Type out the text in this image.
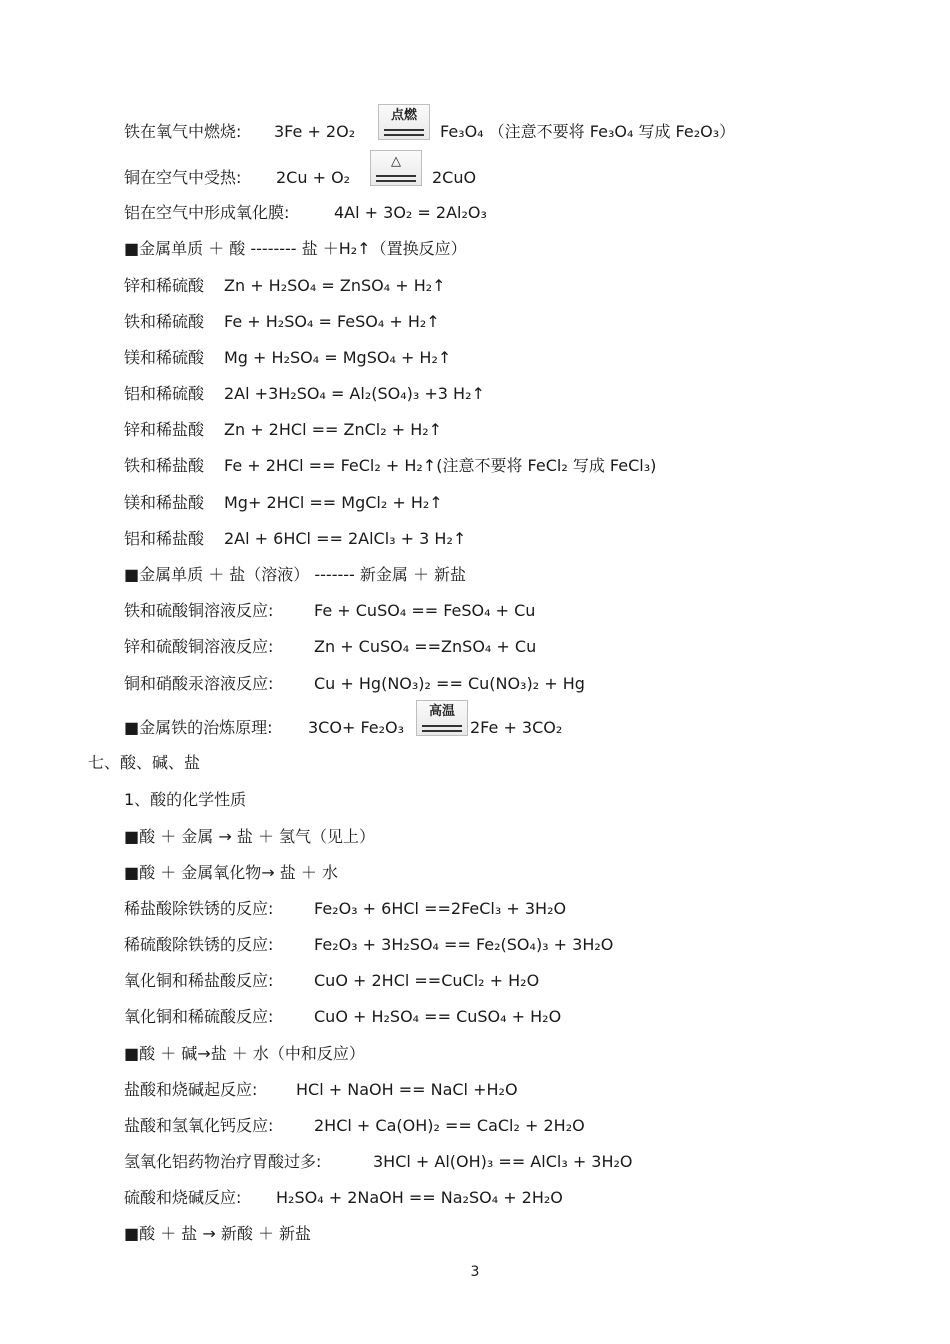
铁在氧气中燃烧: 3Fe + 2O₂
点燃
Fe₃O₄ （注意不要将 Fe₃O₄ 写成 Fe₂O₃）
铜在空气中受热: 2Cu + O₂
△
2CuO
铝在空气中形成氧化膜:	4Al + 3O₂ = 2Al₂O₃
■金属单质 ＋ 酸 -------- 盐 ＋H₂↑（置换反应）
锌和稀硫酸 Zn + H₂SO₄ = ZnSO₄ + H₂↑
铁和稀硫酸 Fe + H₂SO₄ = FeSO₄ + H₂↑
镁和稀硫酸 Mg + H₂SO₄ = MgSO₄ + H₂↑
铝和稀硫酸 2Al +3H₂SO₄ = Al₂(SO₄)₃ +3 H₂↑
锌和稀盐酸 Zn + 2HCl == ZnCl₂ + H₂↑
铁和稀盐酸 Fe + 2HCl == FeCl₂ + H₂↑(注意不要将 FeCl₂ 写成 FeCl₃)
镁和稀盐酸 Mg+ 2HCl == MgCl₂ + H₂↑
铝和稀盐酸 2Al + 6HCl == 2AlCl₃ + 3 H₂↑
■金属单质 ＋ 盐（溶液） ------- 新金属 ＋ 新盐
铁和硫酸铜溶液反应:	Fe + CuSO₄ == FeSO₄ + Cu
锌和硫酸铜溶液反应:	Zn + CuSO₄ ==ZnSO₄ + Cu
铜和硝酸汞溶液反应:	Cu + Hg(NO₃)₂ == Cu(NO₃)₂ + Hg
■金属铁的治炼原理: 3CO+ Fe₂O₃
高温
2Fe + 3CO₂
七、酸、碱、盐
1、酸的化学性质
■酸 ＋ 金属 → 盐 ＋ 氢气（见上）
■酸 ＋ 金属氧化物→ 盐 ＋ 水
稀盐酸除铁锈的反应:	Fe₂O₃ + 6HCl ==2FeCl₃ + 3H₂O
稀硫酸除铁锈的反应:	Fe₂O₃ + 3H₂SO₄ == Fe₂(SO₄)₃ + 3H₂O
氧化铜和稀盐酸反应:	CuO + 2HCl ==CuCl₂ + H₂O
氧化铜和稀硫酸反应:	CuO + H₂SO₄ == CuSO₄ + H₂O
■酸 ＋ 碱→盐 ＋ 水（中和反应）
盐酸和烧碱起反应: HCl + NaOH == NaCl +H₂O
盐酸和氢氧化钙反应:	2HCl + Ca(OH)₂ == CaCl₂ + 2H₂O
氢氧化铝药物治疗胃酸过多:	3HCl + Al(OH)₃ == AlCl₃ + 3H₂O
硫酸和烧碱反应: H₂SO₄ + 2NaOH == Na₂SO₄ + 2H₂O
■酸 ＋ 盐 → 新酸 ＋ 新盐
3
